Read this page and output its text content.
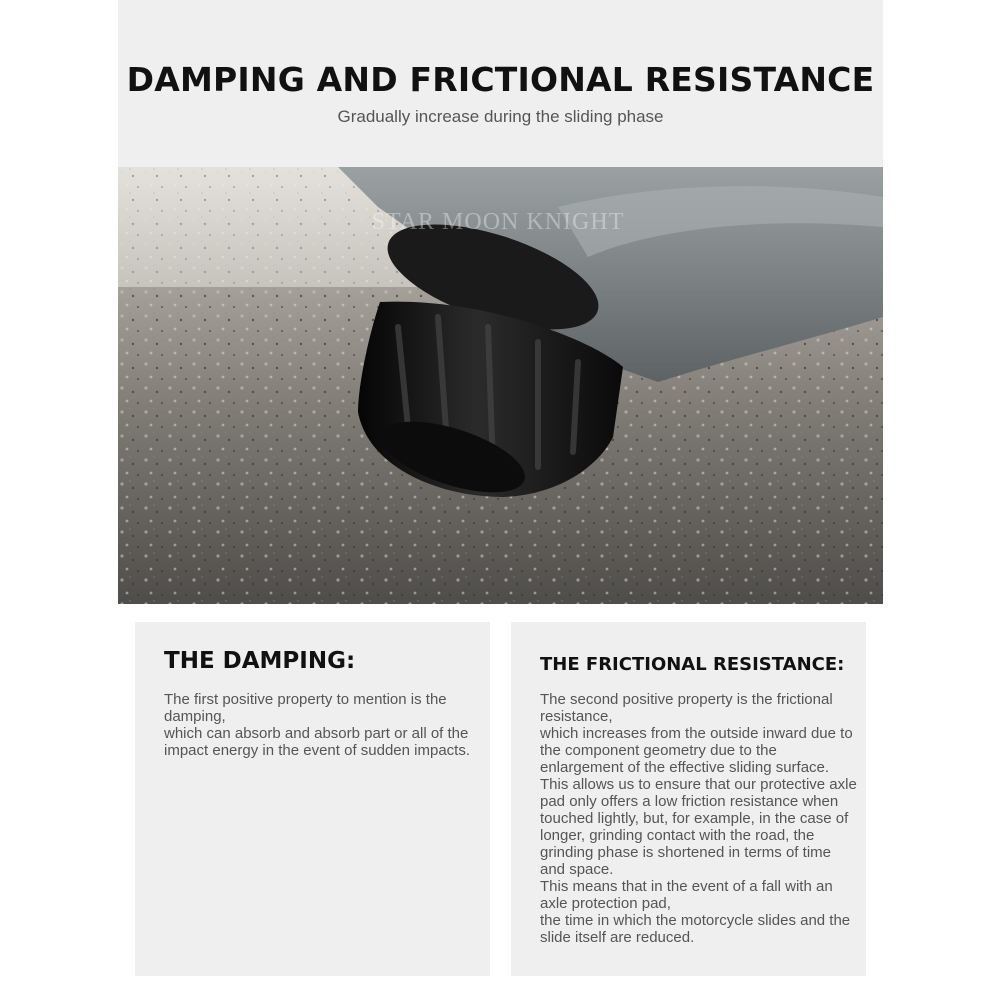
DAMPING AND FRICTIONAL RESISTANCE

Gradually increase during the sliding phase

STAR MOON KNIGHT
THE DAMPING:

The first positive property to mention is the damping,

which can absorb and absorb part or all of the impact energy in the event of sudden impacts.

THE FRICTIONAL RESISTANCE:

The second positive property is the frictional resistance,

which increases from the outside inward due to the component geometry due to the enlargement of the effective sliding surface.

This allows us to ensure that our protective axle pad only offers a low friction resistance when touched lightly, but, for example, in the case of longer, grinding contact with the road, the grinding phase is shortened in terms of time and space.

This means that in the event of a fall with an axle protection pad,

the time in which the motorcycle slides and the slide itself are reduced.
